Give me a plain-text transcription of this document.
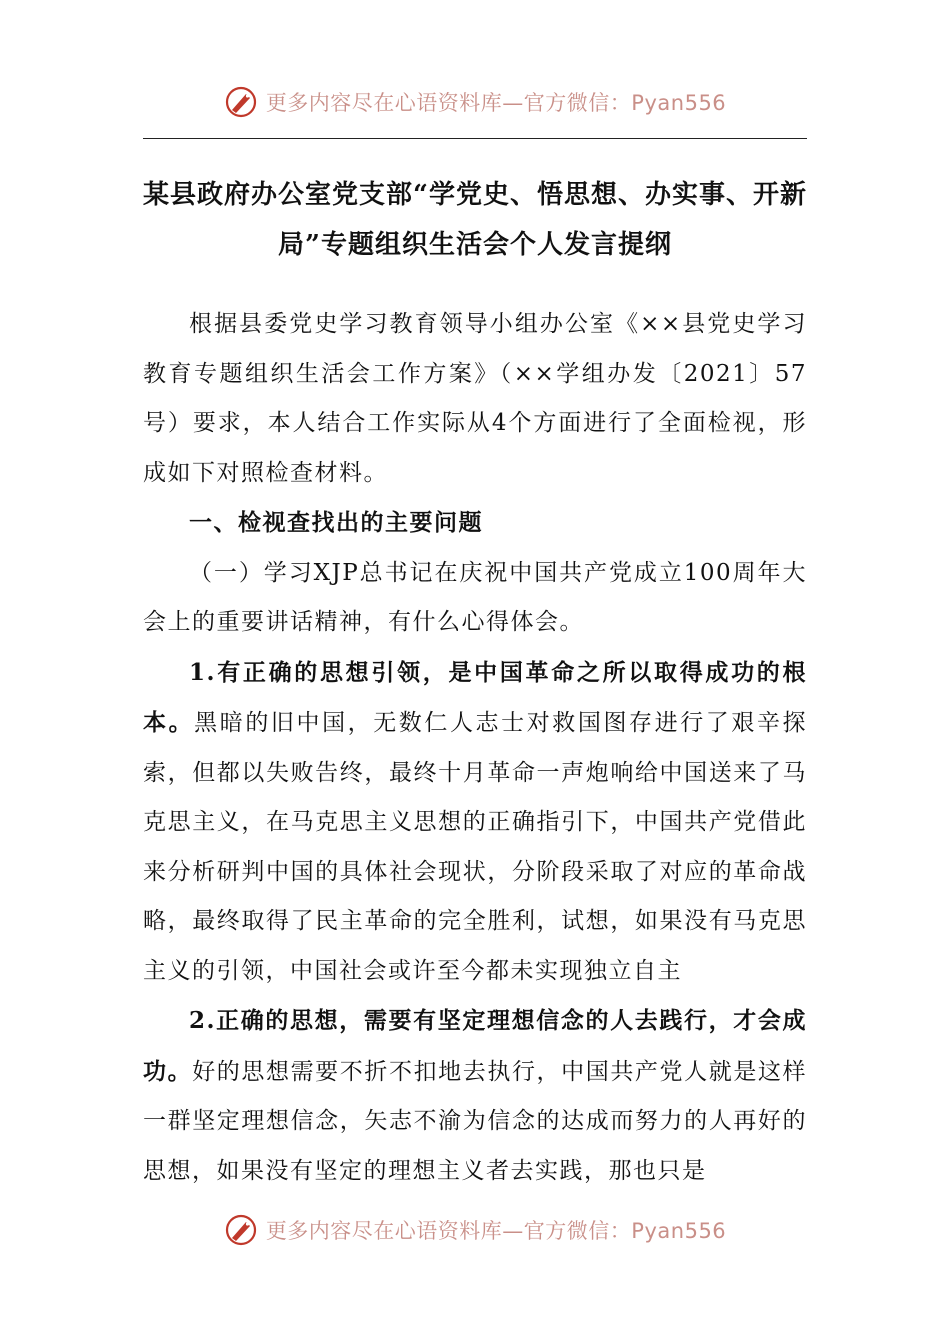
更多内容尽在心语资料库—官方微信：Pyan556
某县政府办公室党支部“学党史、悟思想、办实事、开新局”专题组织生活会个人发言提纲

根据县委党史学习教育领导小组办公室《××县党史学习教育专题组织生活会工作方案》（××学组办发〔2021〕57号）要求，本人结合工作实际从4个方面进行了全面检视，形成如下对照检查材料。

一、检视查找出的主要问题

（一）学习XJP总书记在庆祝中国共产党成立100周年大会上的重要讲话精神，有什么心得体会。

1.有正确的思想引领，是中国革命之所以取得成功的根本。黑暗的旧中国，无数仁人志士对救国图存进行了艰辛探索，但都以失败告终，最终十月革命一声炮响给中国送来了马克思主义，在马克思主义思想的正确指引下，中国共产党借此来分析研判中国的具体社会现状，分阶段采取了对应的革命战略，最终取得了民主革命的完全胜利，试想，如果没有马克思主义的引领，中国社会或许至今都未实现独立自主

2.正确的思想，需要有坚定理想信念的人去践行，才会成功。好的思想需要不折不扣地去执行，中国共产党人就是这样一群坚定理想信念，矢志不渝为信念的达成而努力的人再好的思想，如果没有坚定的理想主义者去实践，那也只是

更多内容尽在心语资料库—官方微信：Pyan556
